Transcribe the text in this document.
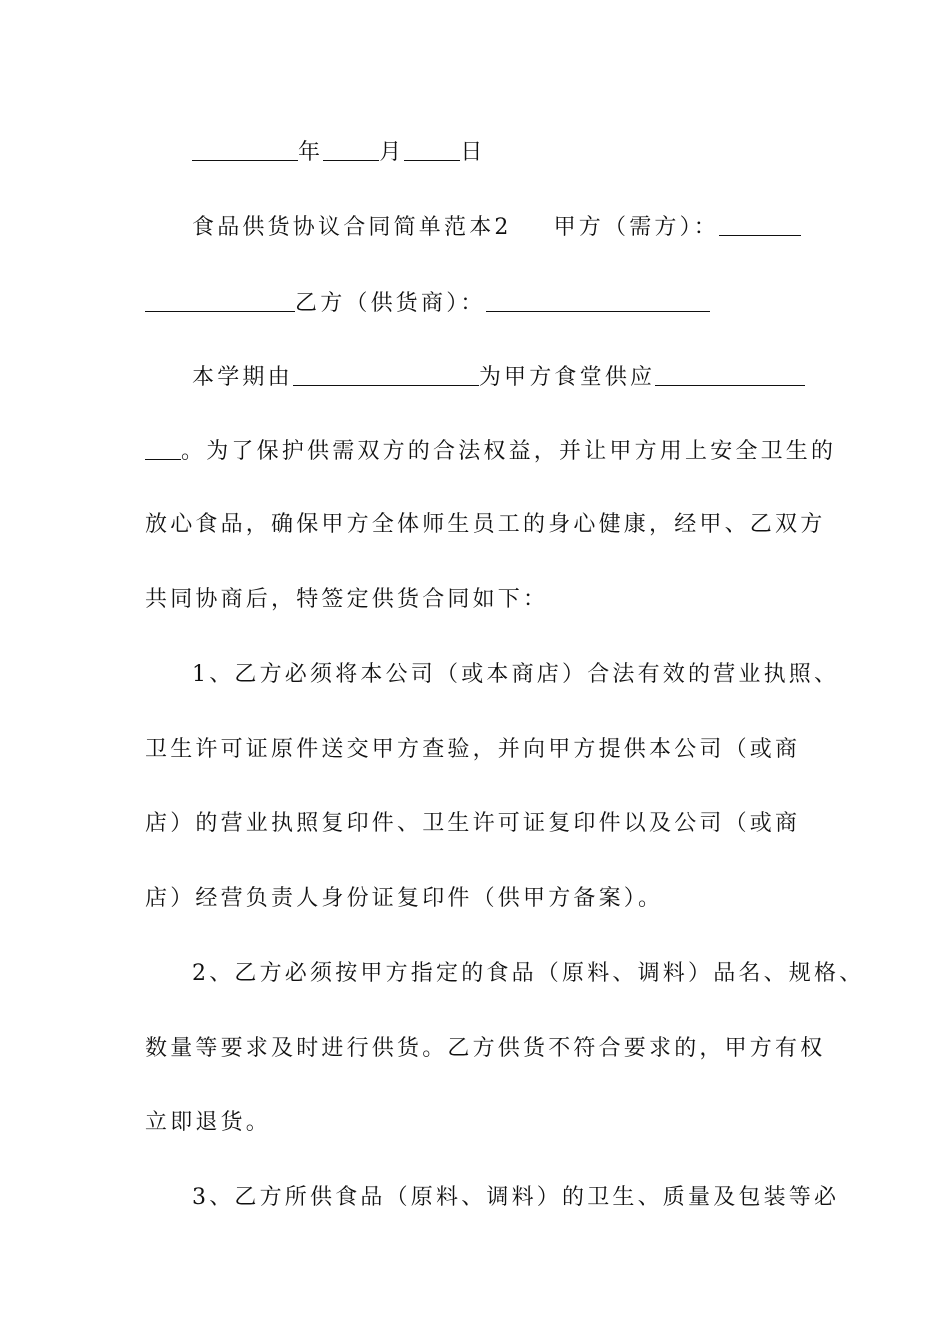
年	月	日
食品供货协议合同简单范本2 甲方（需方）：
乙方（供货商）：
本学期由	为甲方食堂供应
。为了保护供需双方的合法权益，并让甲方用上安全卫生的
放心食品，确保甲方全体师生员工的身心健康，经甲、乙双方
共同协商后，特签定供货合同如下：
1、乙方必须将本公司（或本商店）合法有效的营业执照、
卫生许可证原件送交甲方查验，并向甲方提供本公司（或商
店）的营业执照复印件、卫生许可证复印件以及公司（或商
店）经营负责人身份证复印件（供甲方备案）。
2、乙方必须按甲方指定的食品（原料、调料）品名、规格、
数量等要求及时进行供货。乙方供货不符合要求的，甲方有权
立即退货。
3、乙方所供食品（原料、调料）的卫生、质量及包装等必
